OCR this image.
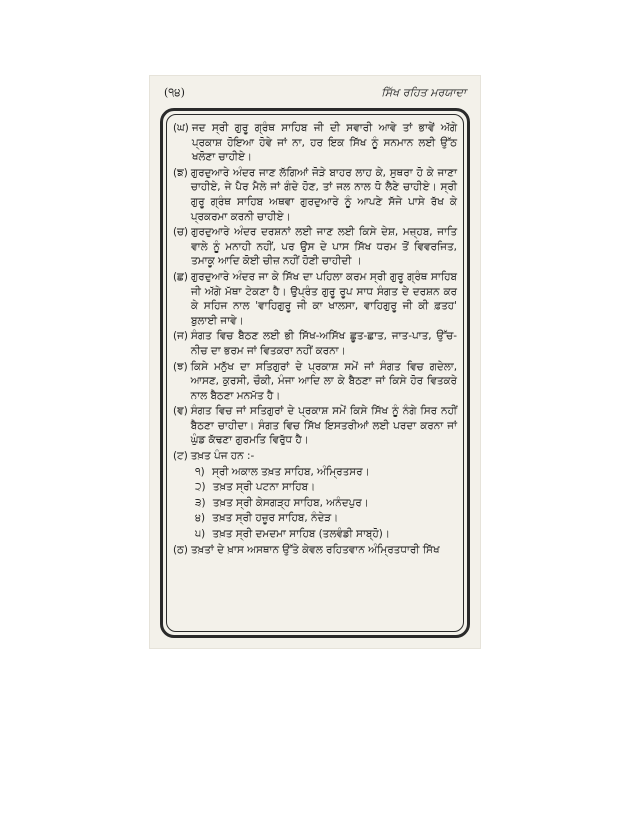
(੧੪)	ਸਿੱਖ ਰਹਿਤ ਮਰਯਾਦਾ
(ਘ) ਜਦ ਸ੍ਰੀ ਗੁਰੂ ਗ੍ਰੰਥ ਸਾਹਿਬ ਜੀ ਦੀ ਸਵਾਰੀ ਆਵੇ ਤਾਂ ਭਾਵੇਂ ਅੱਗੇ ਪ੍ਰਕਾਸ਼ ਹੋਇਆ ਹੋਵੇ ਜਾਂ ਨਾ, ਹਰ ਇਕ ਸਿੱਖ ਨੂੰ ਸਨਮਾਨ ਲਈ ਉੱਠ ਖਲੋਣਾ ਚਾਹੀਏ।
(ਙ) ਗੁਰਦੁਆਰੇ ਅੰਦਰ ਜਾਣ ਲੱਗਿਆਂ ਜੋੜੇ ਬਾਹਰ ਲਾਹ ਕੇ, ਸੁਥਰਾ ਹੋ ਕੇ ਜਾਣਾ ਚਾਹੀਏ, ਜੇ ਪੈਰ ਮੈਲੇ ਜਾਂ ਗੰਦੇ ਹੋਣ, ਤਾਂ ਜਲ ਨਾਲ ਧੋ ਲੈਣੇ ਚਾਹੀਏ। ਸ੍ਰੀ ਗੁਰੂ ਗ੍ਰੰਥ ਸਾਹਿਬ ਅਥਵਾ ਗੁਰਦੁਆਰੇ ਨੂੰ ਆਪਣੇ ਸੱਜੇ ਪਾਸੇ ਰੱਖ ਕੇ ਪ੍ਰਕਰਮਾ ਕਰਨੀ ਚਾਹੀਏ।
(ਚ) ਗੁਰਦੁਆਰੇ ਅੰਦਰ ਦਰਸ਼ਨਾਂ ਲਈ ਜਾਣ ਲਈ ਕਿਸੇ ਦੇਸ਼, ਮਜ਼੍ਹਬ, ਜਾਤਿ ਵਾਲੇ ਨੂੰ ਮਨਾਹੀ ਨਹੀਂ, ਪਰ ਉਸ ਦੇ ਪਾਸ ਸਿੱਖ ਧਰਮ ਤੋਂ ਵਿਵਰਜਿਤ, ਤਮਾਕੂ ਆਦਿ ਕੋਈ ਚੀਜ਼ ਨਹੀਂ ਹੋਣੀ ਚਾਹੀਦੀ ।
(ਛ) ਗੁਰਦੁਆਰੇ ਅੰਦਰ ਜਾ ਕੇ ਸਿੱਖ ਦਾ ਪਹਿਲਾ ਕਰਮ ਸ੍ਰੀ ਗੁਰੂ ਗ੍ਰੰਥ ਸਾਹਿਬ ਜੀ ਅੱਗੇ ਮੱਥਾ ਟੇਕਣਾ ਹੈ। ਉਪ੍ਰੰਤ ਗੁਰੂ ਰੂਪ ਸਾਧ ਸੰਗਤ ਦੇ ਦਰਸ਼ਨ ਕਰ ਕੇ ਸਹਿਜ ਨਾਲ 'ਵਾਹਿਗੁਰੂ ਜੀ ਕਾ ਖਾਲਸਾ, ਵਾਹਿਗੁਰੂ ਜੀ ਕੀ ਫ਼ਤਹ' ਬੁਲਾਈ ਜਾਵੇ।
(ਜ) ਸੰਗਤ ਵਿਚ ਬੈਠਣ ਲਈ ਭੀ ਸਿੱਖ-ਅਸਿੱਖ ਛੂਤ-ਛਾਤ, ਜਾਤ-ਪਾਤ, ਉੱਚ-ਨੀਚ ਦਾ ਭਰਮ ਜਾਂ ਵਿਤਕਰਾ ਨਹੀਂ ਕਰਨਾ।
(ਝ) ਕਿਸੇ ਮਨੁੱਖ ਦਾ ਸਤਿਗੁਰਾਂ ਦੇ ਪ੍ਰਕਾਸ਼ ਸਮੇਂ ਜਾਂ ਸੰਗਤ ਵਿਚ ਗਦੇਲਾ, ਆਸਣ, ਕੁਰਸੀ, ਚੌਕੀ, ਮੰਜਾ ਆਦਿ ਲਾ ਕੇ ਬੈਠਣਾ ਜਾਂ ਕਿਸੇ ਹੋਰ ਵਿਤਕਰੇ ਨਾਲ ਬੈਠਣਾ ਮਨਮੱਤ ਹੈ।
(ਞ) ਸੰਗਤ ਵਿਚ ਜਾਂ ਸਤਿਗੁਰਾਂ ਦੇ ਪ੍ਰਕਾਸ਼ ਸਮੇਂ ਕਿਸੇ ਸਿੱਖ ਨੂੰ ਨੰਗੇ ਸਿਰ ਨਹੀਂ ਬੈਠਣਾ ਚਾਹੀਦਾ। ਸੰਗਤ ਵਿਚ ਸਿੱਖ ਇਸਤਰੀਆਂ ਲਈ ਪਰਦਾ ਕਰਨਾ ਜਾਂ ਘੁੰਡ ਕੱਢਣਾ ਗੁਰਮਤਿ ਵਿਰੁੱਧ ਹੈ।
(ਟ) ਤਖ਼ਤ ਪੰਜ ਹਨ :-
੧) ਸ੍ਰੀ ਅਕਾਲ ਤਖ਼ਤ ਸਾਹਿਬ, ਅੰਮ੍ਰਿਤਸਰ।
੨) ਤਖ਼ਤ ਸ੍ਰੀ ਪਟਨਾ ਸਾਹਿਬ।
੩) ਤਖ਼ਤ ਸ੍ਰੀ ਕੇਸਗੜ੍ਹ ਸਾਹਿਬ, ਅਨੰਦਪੁਰ।
੪) ਤਖ਼ਤ ਸ੍ਰੀ ਹਜ਼ੂਰ ਸਾਹਿਬ, ਨੰਦੇੜ।
੫) ਤਖ਼ਤ ਸ੍ਰੀ ਦਮਦਮਾ ਸਾਹਿਬ (ਤਲਵੰਡੀ ਸਾਬ੍ਹੋ)।
(ਠ) ਤਖ਼ਤਾਂ ਦੇ ਖ਼ਾਸ ਅਸਥਾਨ ਉੱਤੇ ਕੇਵਲ ਰਹਿਤਵਾਨ ਅੰਮ੍ਰਿਤਧਾਰੀ ਸਿੱਖ
